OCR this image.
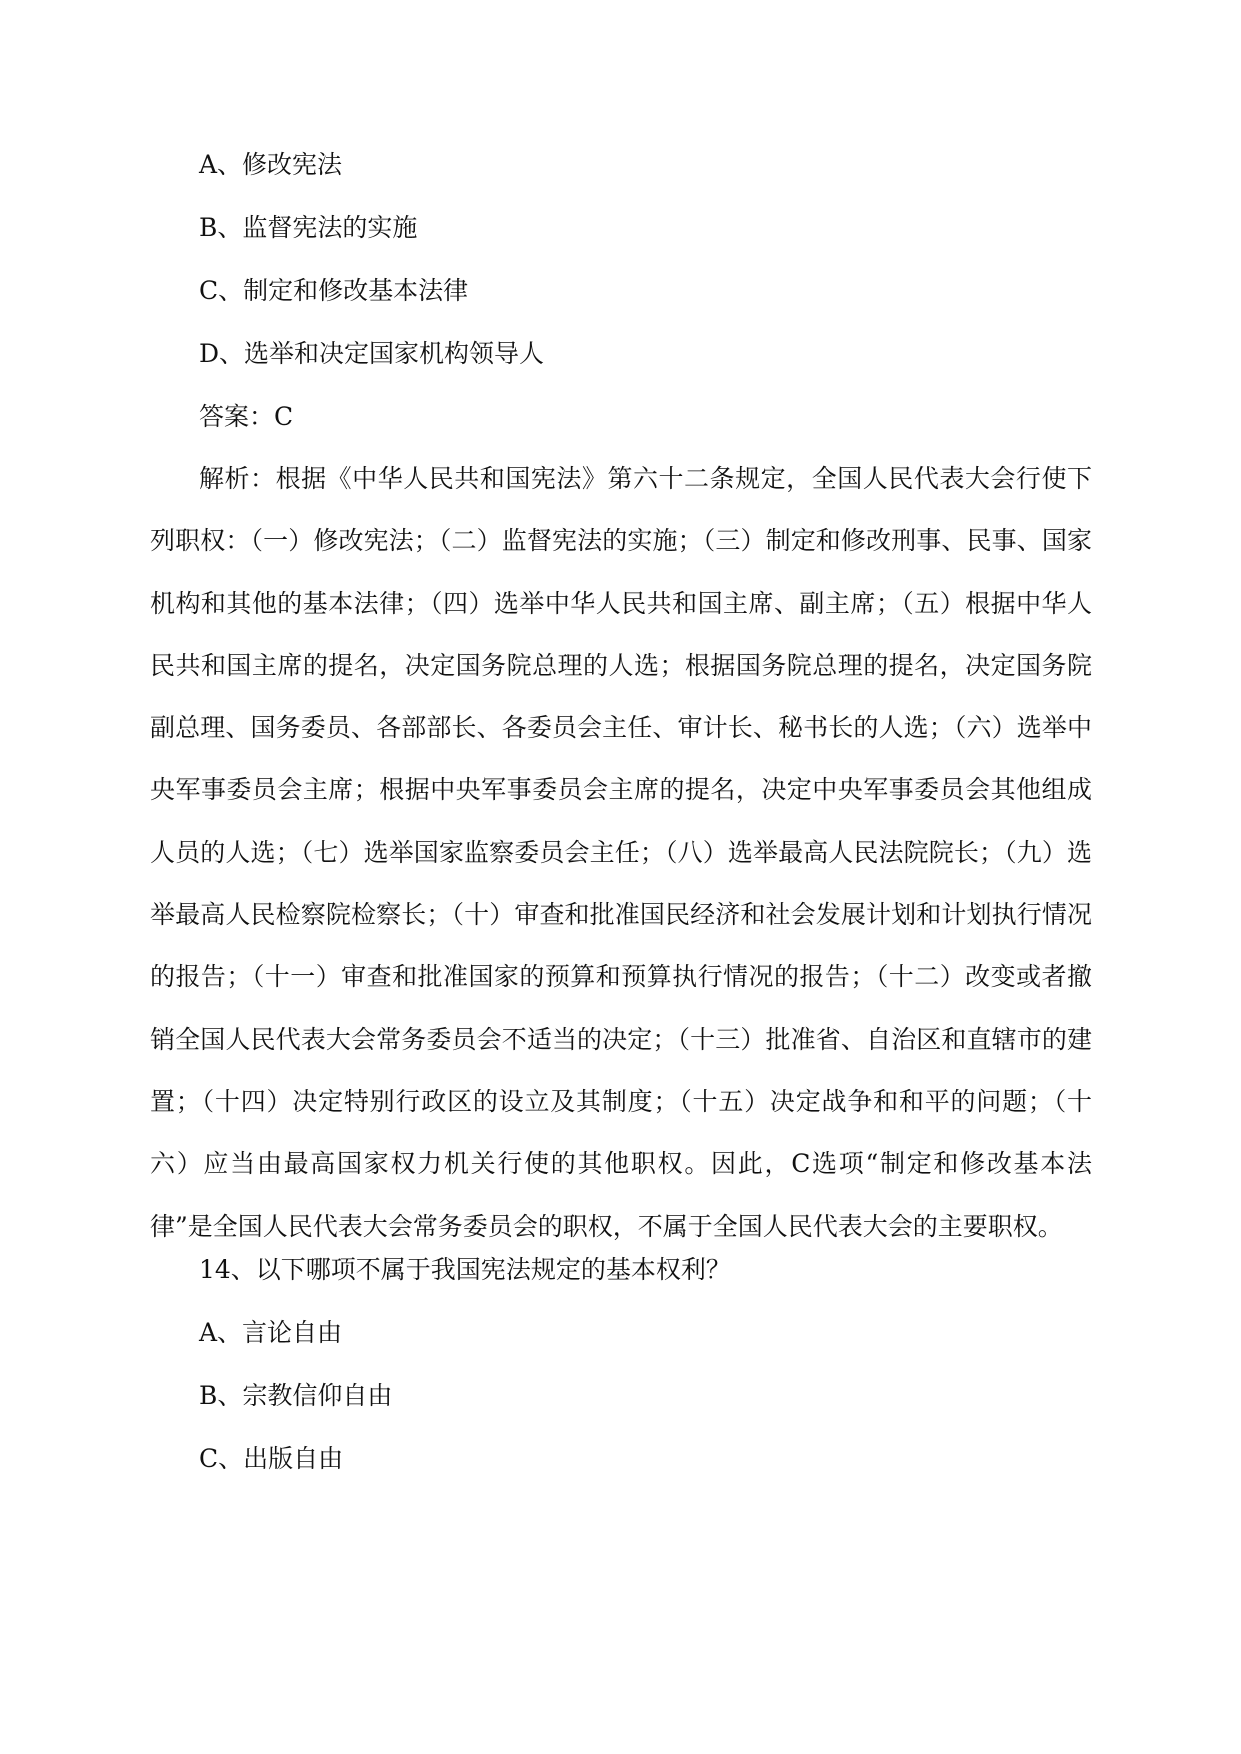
A、修改宪法
B、监督宪法的实施
C、制定和修改基本法律
D、选举和决定国家机构领导人
答案：C

解析：根据《中华人民共和国宪法》第六十二条规定，全国人民代表大会行使下列职权：（一）修改宪法；（二）监督宪法的实施；（三）制定和修改刑事、民事、国家机构和其他的基本法律；（四）选举中华人民共和国主席、副主席；（五）根据中华人民共和国主席的提名，决定国务院总理的人选；根据国务院总理的提名，决定国务院副总理、国务委员、各部部长、各委员会主任、审计长、秘书长的人选；（六）选举中央军事委员会主席；根据中央军事委员会主席的提名，决定中央军事委员会其他组成人员的人选；（七）选举国家监察委员会主任；（八）选举最高人民法院院长；（九）选举最高人民检察院检察长；（十）审查和批准国民经济和社会发展计划和计划执行情况的报告；（十一）审查和批准国家的预算和预算执行情况的报告；（十二）改变或者撤销全国人民代表大会常务委员会不适当的决定；（十三）批准省、自治区和直辖市的建置；（十四）决定特别行政区的设立及其制度；（十五）决定战争和和平的问题；（十六）应当由最高国家权力机关行使的其他职权。因此，C选项“制定和修改基本法律”是全国人民代表大会常务委员会的职权，不属于全国人民代表大会的主要职权。

14、以下哪项不属于我国宪法规定的基本权利？
A、言论自由
B、宗教信仰自由
C、出版自由
